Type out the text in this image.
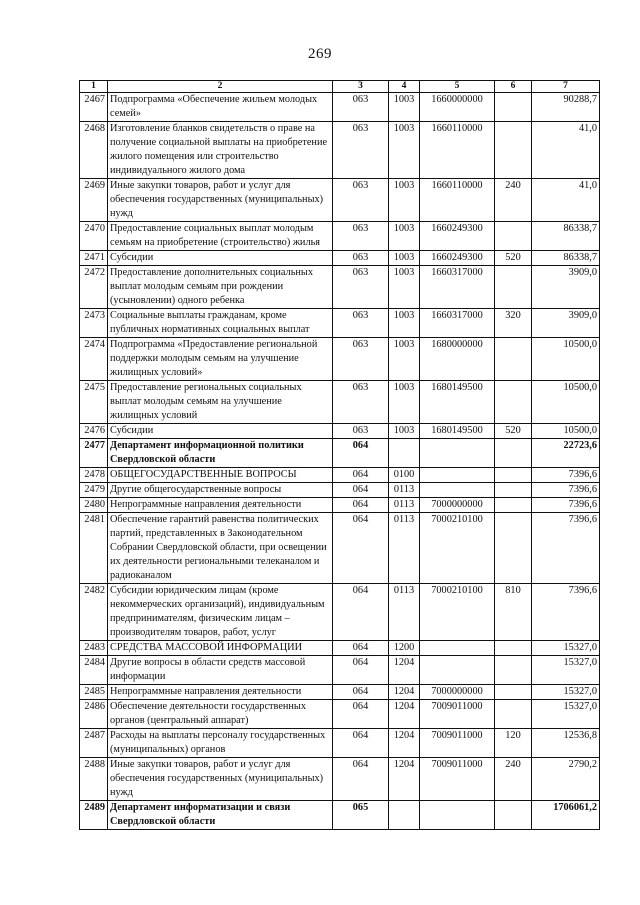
269
1	2	3	4	5	6	7
2467	Подпрограмма «Обеспечение жильем молодых семей»	063	1003	1660000000		90288,7
2468	Изготовление бланков свидетельств о праве на получение социальной выплаты на приобретение жилого помещения или строительство индивидуального жилого дома	063	1003	1660110000		41,0
2469	Иные закупки товаров, работ и услуг для обеспечения государственных (муниципальных) нужд	063	1003	1660110000	240	41,0
2470	Предоставление социальных выплат молодым семьям на приобретение (строительство) жилья	063	1003	1660249300		86338,7
2471	Субсидии	063	1003	1660249300	520	86338,7
2472	Предоставление дополнительных социальных выплат молодым семьям при рождении (усыновлении) одного ребенка	063	1003	1660317000		3909,0
2473	Социальные выплаты гражданам, кроме публичных нормативных социальных выплат	063	1003	1660317000	320	3909,0
2474	Подпрограмма «Предоставление региональной поддержки молодым семьям на улучшение жилищных условий»	063	1003	1680000000		10500,0
2475	Предоставление региональных социальных выплат молодым семьям на улучшение жилищных условий	063	1003	1680149500		10500,0
2476	Субсидии	063	1003	1680149500	520	10500,0
2477	Департамент информационной политики Свердловской области	064				22723,6
2478	ОБЩЕГОСУДАРСТВЕННЫЕ ВОПРОСЫ	064	0100			7396,6
2479	Другие общегосударственные вопросы	064	0113			7396,6
2480	Непрограммные направления деятельности	064	0113	7000000000		7396,6
2481	Обеспечение гарантий равенства политических партий, представленных в Законодательном Собрании Свердловской области, при освещении их деятельности региональными телеканалом и радиоканалом	064	0113	7000210100		7396,6
2482	Субсидии юридическим лицам (кроме некоммерческих организаций), индивидуальным предпринимателям, физическим лицам – производителям товаров, работ, услуг	064	0113	7000210100	810	7396,6
2483	СРЕДСТВА МАССОВОЙ ИНФОРМАЦИИ	064	1200			15327,0
2484	Другие вопросы в области средств массовой информации	064	1204			15327,0
2485	Непрограммные направления деятельности	064	1204	7000000000		15327,0
2486	Обеспечение деятельности государственных органов (центральный аппарат)	064	1204	7009011000		15327,0
2487	Расходы на выплаты персоналу государственных (муниципальных) органов	064	1204	7009011000	120	12536,8
2488	Иные закупки товаров, работ и услуг для обеспечения государственных (муниципальных) нужд	064	1204	7009011000	240	2790,2
2489	Департамент информатизации и связи Свердловской области	065				1706061,2
